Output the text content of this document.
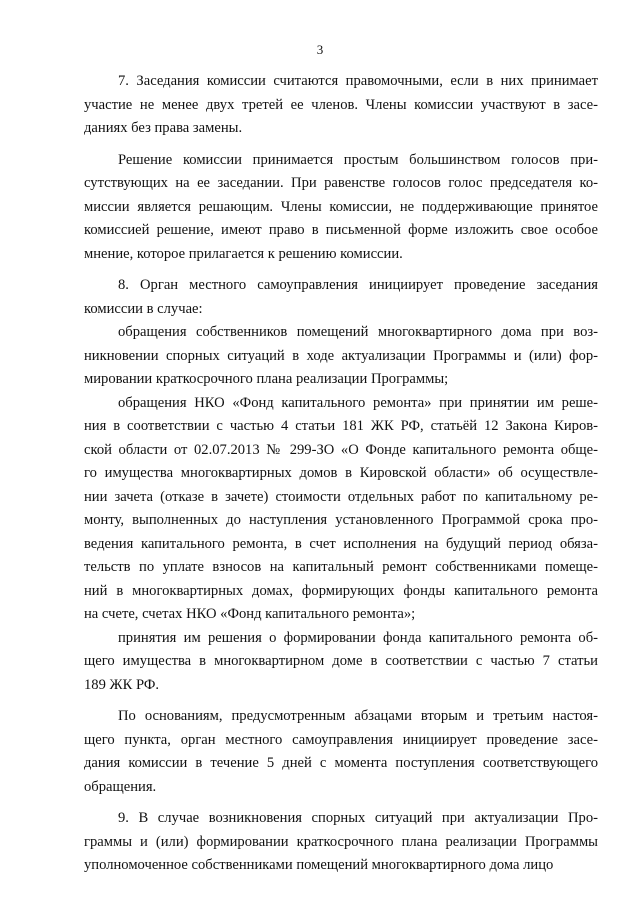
3
7. Заседания комиссии считаются правомочными, если в них принимает
участие не менее двух третей ее членов. Члены комиссии участвуют в засе-
даниях без права замены.
Решение комиссии принимается простым большинством голосов при-
сутствующих на ее заседании. При равенстве голосов голос председателя ко-
миссии является решающим. Члены комиссии, не поддерживающие принятое
комиссией решение, имеют право в письменной форме изложить свое особое
мнение, которое прилагается к решению комиссии.
8. Орган местного самоуправления инициирует проведение заседания
комиссии в случае:
обращения собственников помещений многоквартирного дома при воз-
никновении спорных ситуаций в ходе актуализации Программы и (или) фор-
мировании краткосрочного плана реализации Программы;
обращения НКО «Фонд капитального ремонта» при принятии им реше-
ния в соответствии с частью 4 статьи 181 ЖК РФ, статьёй 12 Закона Киров-
ской области от 02.07.2013 № 299-ЗО «О Фонде капитального ремонта обще-
го имущества многоквартирных домов в Кировской области» об осуществле-
нии зачета (отказе в зачете) стоимости отдельных работ по капитальному ре-
монту, выполненных до наступления установленного Программой срока про-
ведения капитального ремонта, в счет исполнения на будущий период обяза-
тельств по уплате взносов на капитальный ремонт собственниками помеще-
ний в многоквартирных домах, формирующих фонды капитального ремонта
на счете, счетах НКО «Фонд капитального ремонта»;
принятия им решения о формировании фонда капитального ремонта об-
щего имущества в многоквартирном доме в соответствии с частью 7 статьи
189 ЖК РФ.
По основаниям, предусмотренным абзацами вторым и третьим настоя-
щего пункта, орган местного самоуправления инициирует проведение засе-
дания комиссии в течение 5 дней с момента поступления соответствующего
обращения.
9. В случае возникновения спорных ситуаций при актуализации Про-
граммы и (или) формировании краткосрочного плана реализации Программы
уполномоченное собственниками помещений многоквартирного дома лицо
